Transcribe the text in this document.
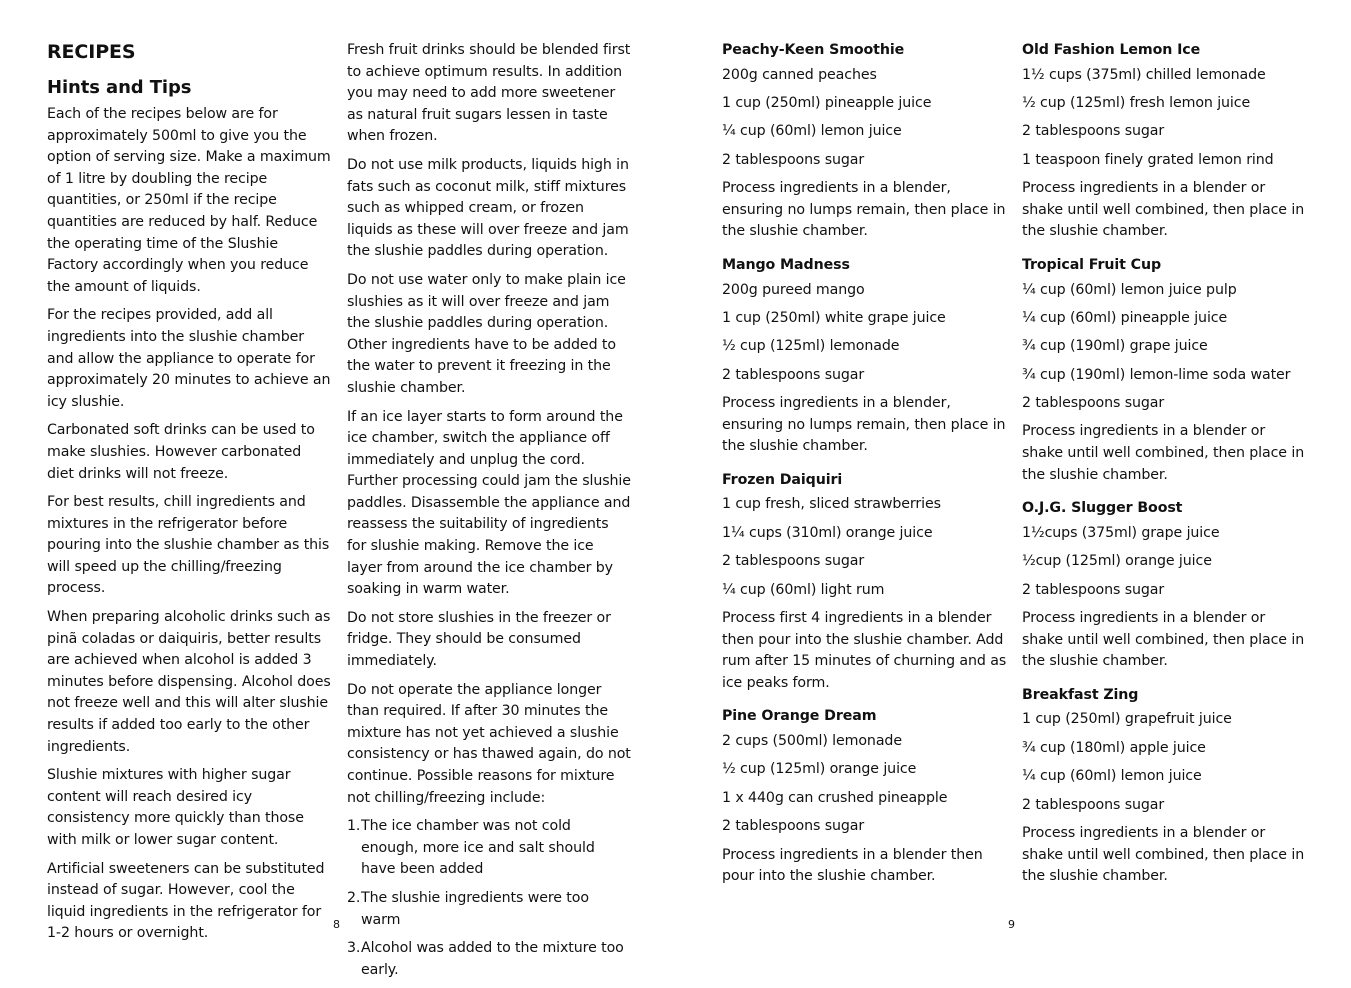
RECIPES
Hints and Tips

Each of the recipes below are for approximately 500ml to give you the option of serving size. Make a maximum of 1 litre by doubling the recipe quantities, or 250ml if the recipe quantities are reduced by half. Reduce the operating time of the Slushie Factory accordingly when you reduce the amount of liquids.

For the recipes provided, add all ingredients into the slushie chamber and allow the appliance to operate for approximately 20 minutes to achieve an icy slushie.

Carbonated soft drinks can be used to make slushies. However carbonated diet drinks will not freeze.

For best results, chill ingredients and mixtures in the refrigerator before pouring into the slushie chamber as this will speed up the chilling/freezing process.

When preparing alcoholic drinks such as pinã coladas or daiquiris, better results are achieved when alcohol is added 3 minutes before dispensing. Alcohol does not freeze well and this will alter slushie results if added too early to the other ingredients.

Slushie mixtures with higher sugar content will reach desired icy consistency more quickly than those with milk or lower sugar content.

Artificial sweeteners can be substituted instead of sugar. However, cool the liquid ingredients in the refrigerator for 1-2 hours or overnight.

Fresh fruit drinks should be blended first to achieve optimum results. In addition you may need to add more sweetener as natural fruit sugars lessen in taste when frozen.

Do not use milk products, liquids high in fats such as coconut milk, stiff mixtures such as whipped cream, or frozen liquids as these will over freeze and jam the slushie paddles during operation.

Do not use water only to make plain ice slushies as it will over freeze and jam the slushie paddles during operation. Other ingredients have to be added to the water to prevent it freezing in the slushie chamber.

If an ice layer starts to form around the ice chamber, switch the appliance off immediately and unplug the cord. Further processing could jam the slushie paddles. Disassemble the appliance and reassess the suitability of ingredients for slushie making. Remove the ice layer from around the ice chamber by soaking in warm water.

Do not store slushies in the freezer or fridge. They should be consumed immediately.

Do not operate the appliance longer than required. If after 30 minutes the mixture has not yet achieved a slushie consistency or has thawed again, do not continue. Possible reasons for mixture not chilling/freezing include:

1.The ice chamber was not cold enough, more ice and salt should have been added
2.The slushie ingredients were too warm
3.Alcohol was added to the mixture too early.
Peachy-Keen Smoothie

200g canned peaches

1 cup (250ml) pineapple juice

¼ cup (60ml) lemon juice

2 tablespoons sugar

Process ingredients in a blender, ensuring no lumps remain, then place in the slushie chamber.

Mango Madness

200g pureed mango

1 cup (250ml) white grape juice

½ cup (125ml) lemonade

2 tablespoons sugar

Process ingredients in a blender, ensuring no lumps remain, then place in the slushie chamber.

Frozen Daiquiri

1 cup fresh, sliced strawberries

1¼ cups (310ml) orange juice

2 tablespoons sugar

¼ cup (60ml) light rum

Process first 4 ingredients in a blender then pour into the slushie chamber. Add rum after 15 minutes of churning and as ice peaks form.

Pine Orange Dream

2 cups (500ml) lemonade

½ cup (125ml) orange juice

1 x 440g can crushed pineapple

2 tablespoons sugar

Process ingredients in a blender then pour into the slushie chamber.

Old Fashion Lemon Ice

1½ cups (375ml) chilled lemonade

½ cup (125ml) fresh lemon juice

2 tablespoons sugar

1 teaspoon finely grated lemon rind

Process ingredients in a blender or shake until well combined, then place in the slushie chamber.

Tropical Fruit Cup

¼ cup (60ml) lemon juice pulp

¼ cup (60ml) pineapple juice

¾ cup (190ml) grape juice

¾ cup (190ml) lemon-lime soda water

2 tablespoons sugar

Process ingredients in a blender or shake until well combined, then place in the slushie chamber.

O.J.G. Slugger Boost

1½cups (375ml) grape juice

½cup (125ml) orange juice

2 tablespoons sugar

Process ingredients in a blender or shake until well combined, then place in the slushie chamber.

Breakfast Zing

1 cup (250ml) grapefruit juice

¾ cup (180ml) apple juice

¼ cup (60ml) lemon juice

2 tablespoons sugar

Process ingredients in a blender or shake until well combined, then place in the slushie chamber.

8	9
